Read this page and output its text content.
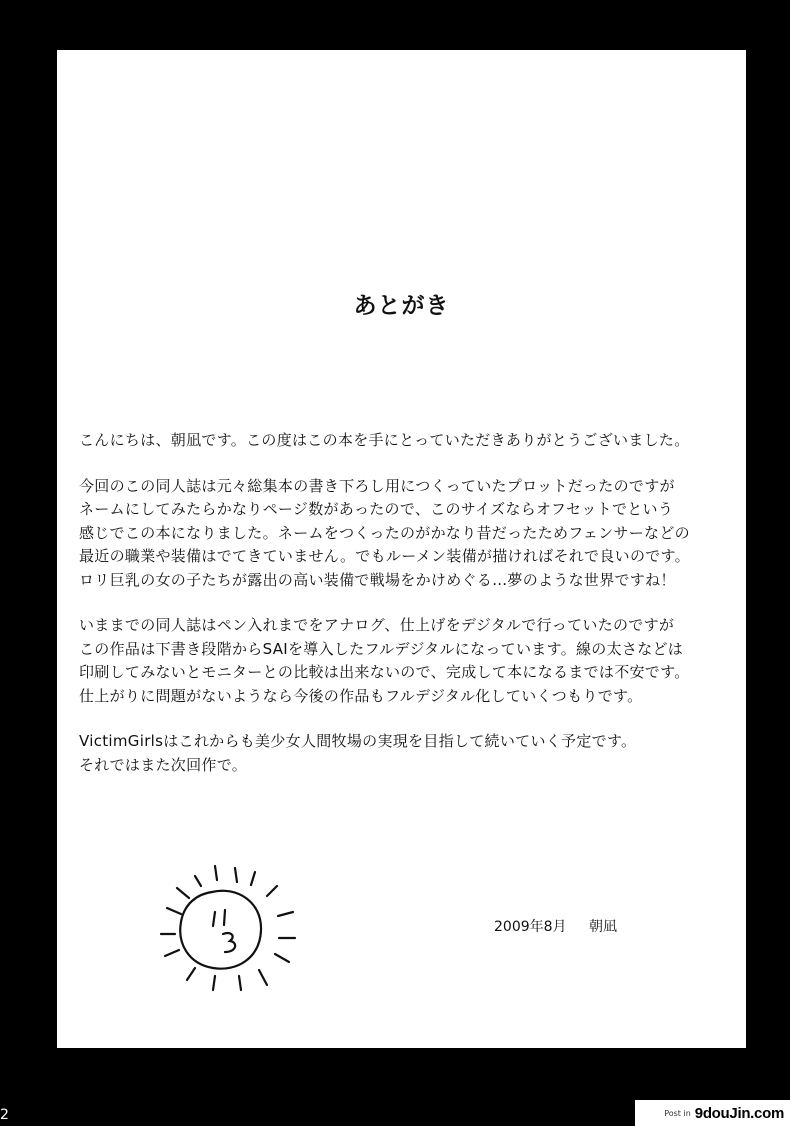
あとがき
こんにちは、朝凪です。この度はこの本を手にとっていただきありがとうございました。
今回のこの同人誌は元々総集本の書き下ろし用につくっていたプロットだったのですが
ネームにしてみたらかなりページ数があったので、このサイズならオフセットでという
感じでこの本になりました。ネームをつくったのがかなり昔だったためフェンサーなどの
最近の職業や装備はでてきていません。でもルーメン装備が描ければそれで良いのです。
ロリ巨乳の女の子たちが露出の高い装備で戦場をかけめぐる…夢のような世界ですね！
いままでの同人誌はペン入れまでをアナログ、仕上げをデジタルで行っていたのですが
この作品は下書き段階からSAIを導入したフルデジタルになっています。線の太さなどは
印刷してみないとモニターとの比較は出来ないので、完成して本になるまでは不安です。
仕上がりに問題がないようなら今後の作品もフルデジタル化していくつもりです。
VictimGirlsはこれからも美少女人間牧場の実現を目指して続いていく予定です。
それではまた次回作で。
2009年8月 朝凪
2	Post in 9douJin.com
